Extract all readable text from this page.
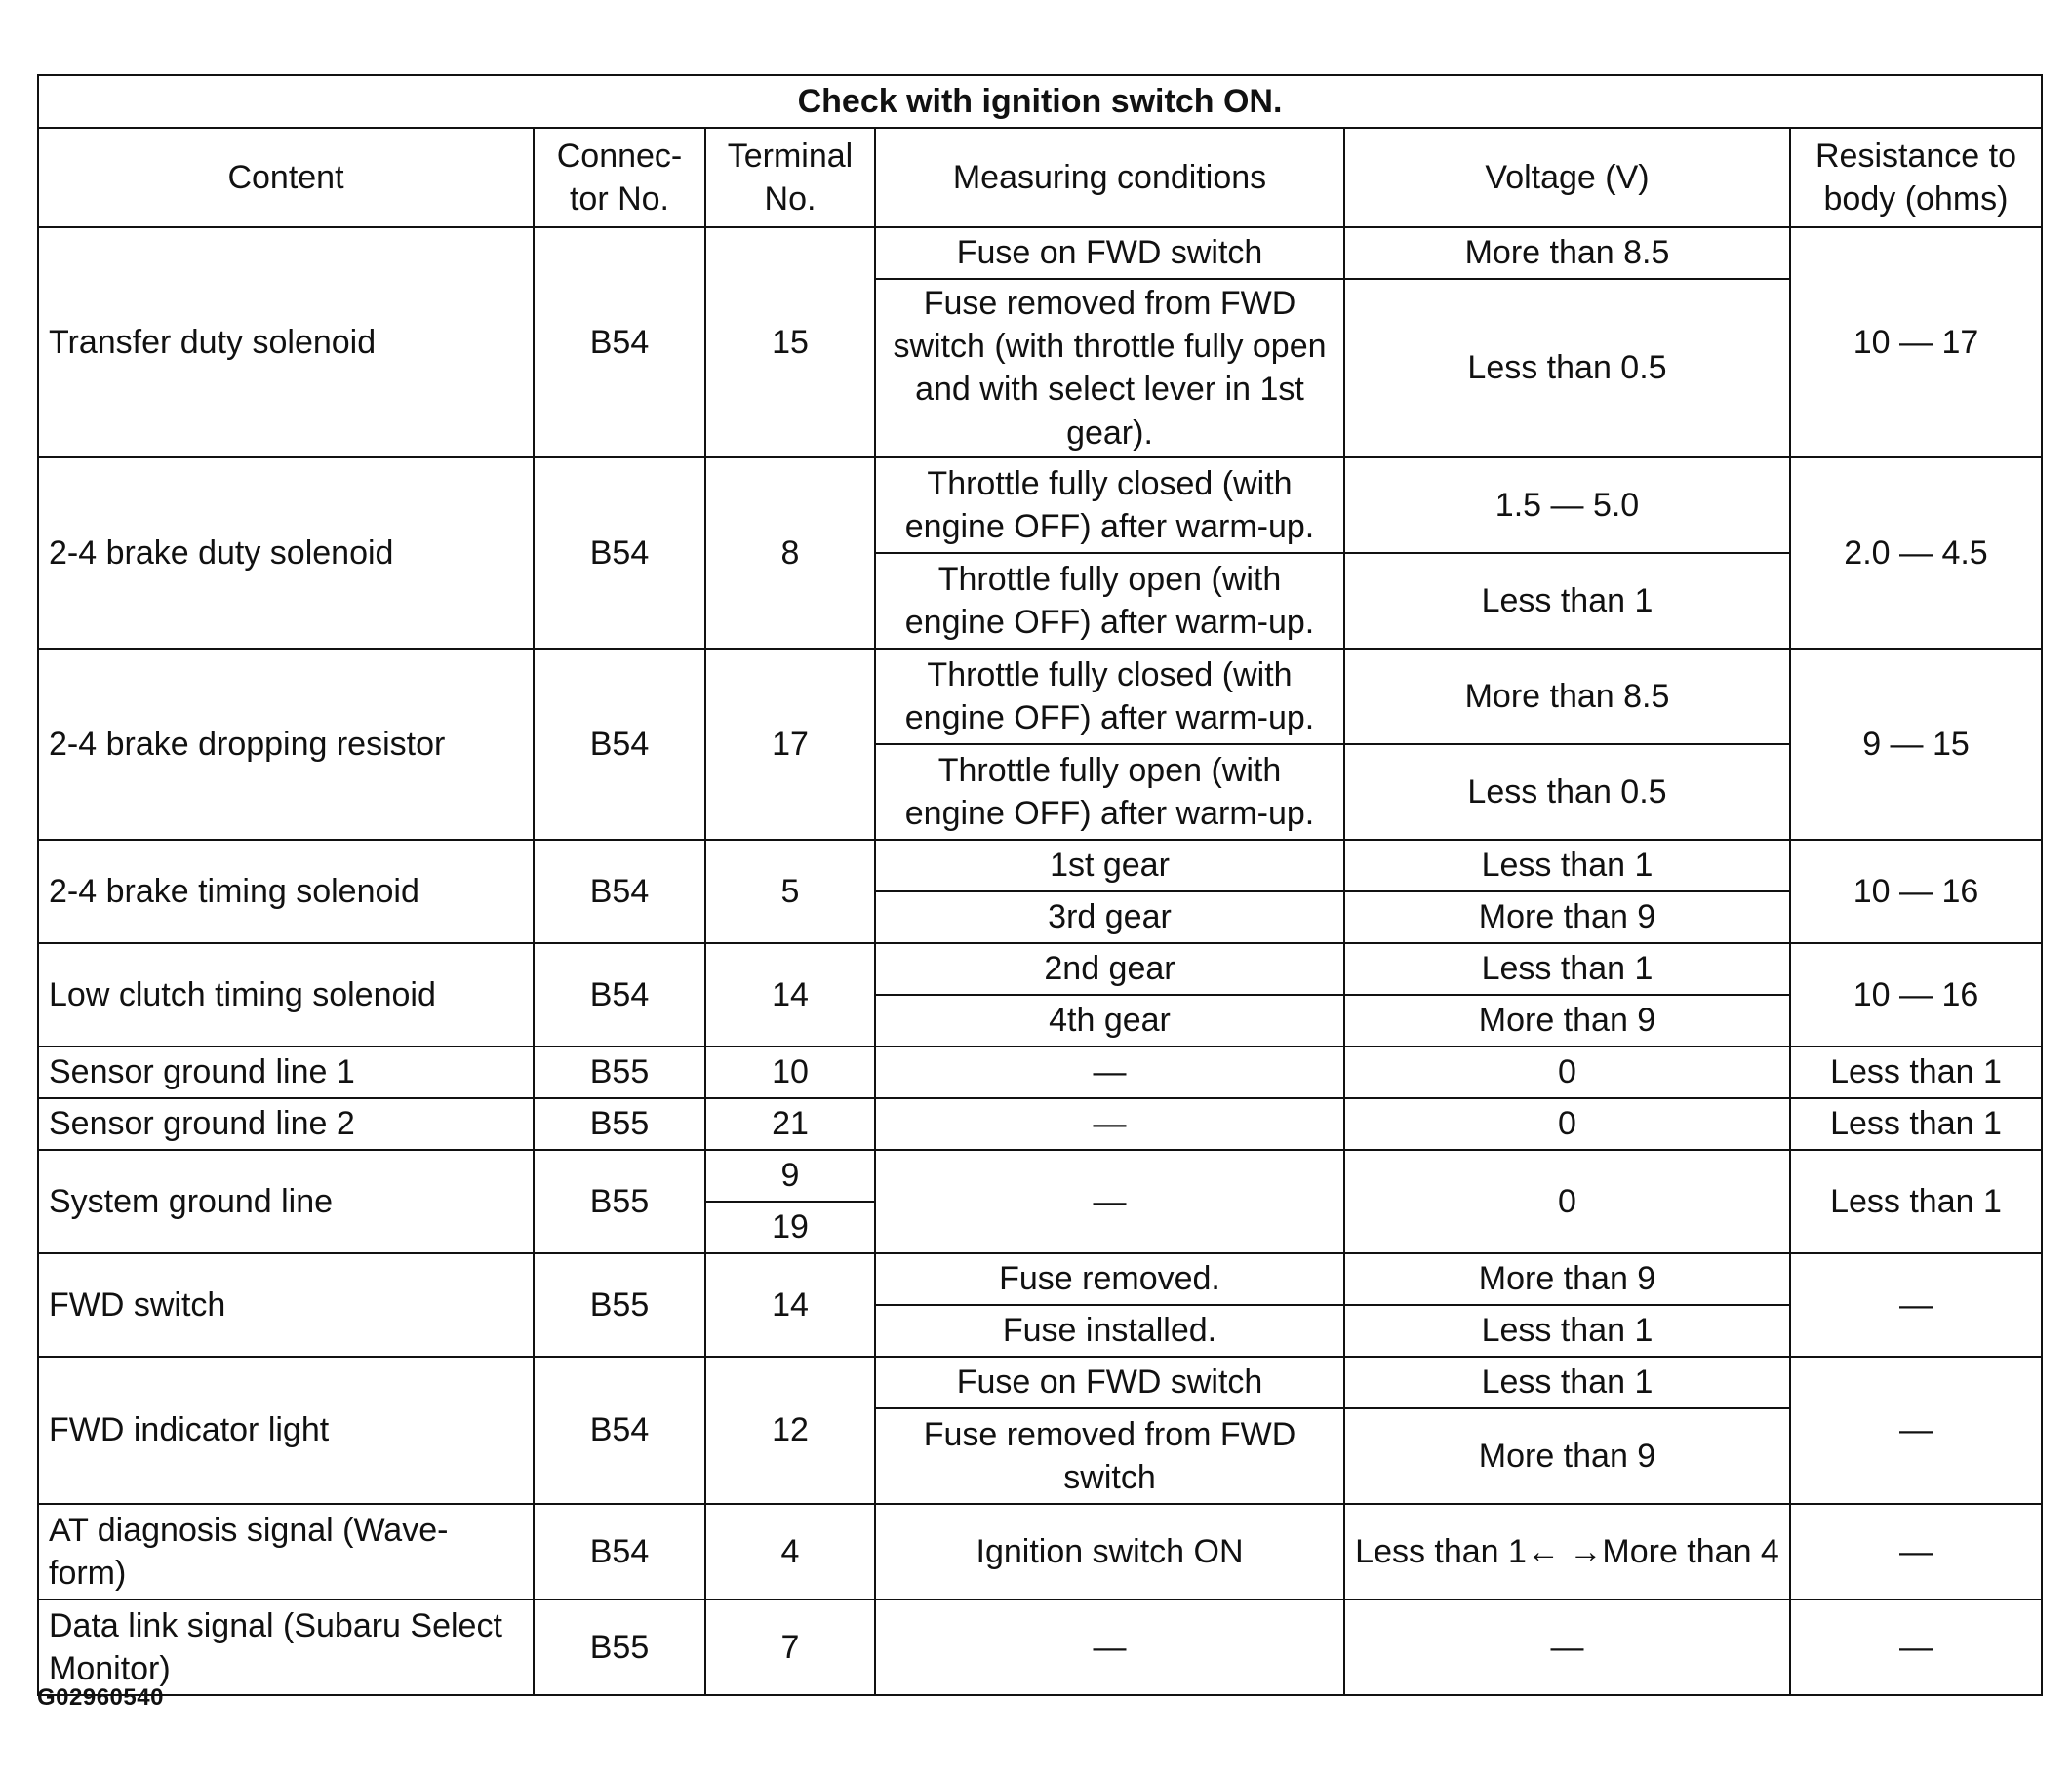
Check with ignition switch ON.					
Content	Connec- tor No.	Terminal No.	Measuring conditions	Voltage (V)	Resistance to body (ohms)
Transfer duty solenoid	B54	15	Fuse on FWD switch	More than 8.5	10 — 17
			Fuse removed from FWD switch (with throttle fully open and with select lever in 1st gear).	Less than 0.5	
2-4 brake duty solenoid	B54	8	Throttle fully closed (with engine OFF) after warm-up.	1.5 — 5.0	2.0 — 4.5
			Throttle fully open (with engine OFF) after warm-up.	Less than 1	
2-4 brake dropping resistor	B54	17	Throttle fully closed (with engine OFF) after warm-up.	More than 8.5	9 — 15
			Throttle fully open (with engine OFF) after warm-up.	Less than 0.5	
2-4 brake timing solenoid	B54	5	1st gear	Less than 1	10 — 16
			3rd gear	More than 9	
Low clutch timing solenoid	B54	14	2nd gear	Less than 1	10 — 16
			4th gear	More than 9	
Sensor ground line 1	B55	10	—	0	Less than 1
Sensor ground line 2	B55	21	—	0	Less than 1
System ground line	B55	9	—	0	Less than 1
		19			
FWD switch	B55	14	Fuse removed.	More than 9	—
			Fuse installed.	Less than 1	
FWD indicator light	B54	12	Fuse on FWD switch	Less than 1	—
			Fuse removed from FWD switch	More than 9	
AT diagnosis signal (Wave- form)	B54	4	Ignition switch ON	Less than 1← →More than 4	—
Data link signal (Subaru Select Monitor)	B55	7	—	—	—
G02960540
